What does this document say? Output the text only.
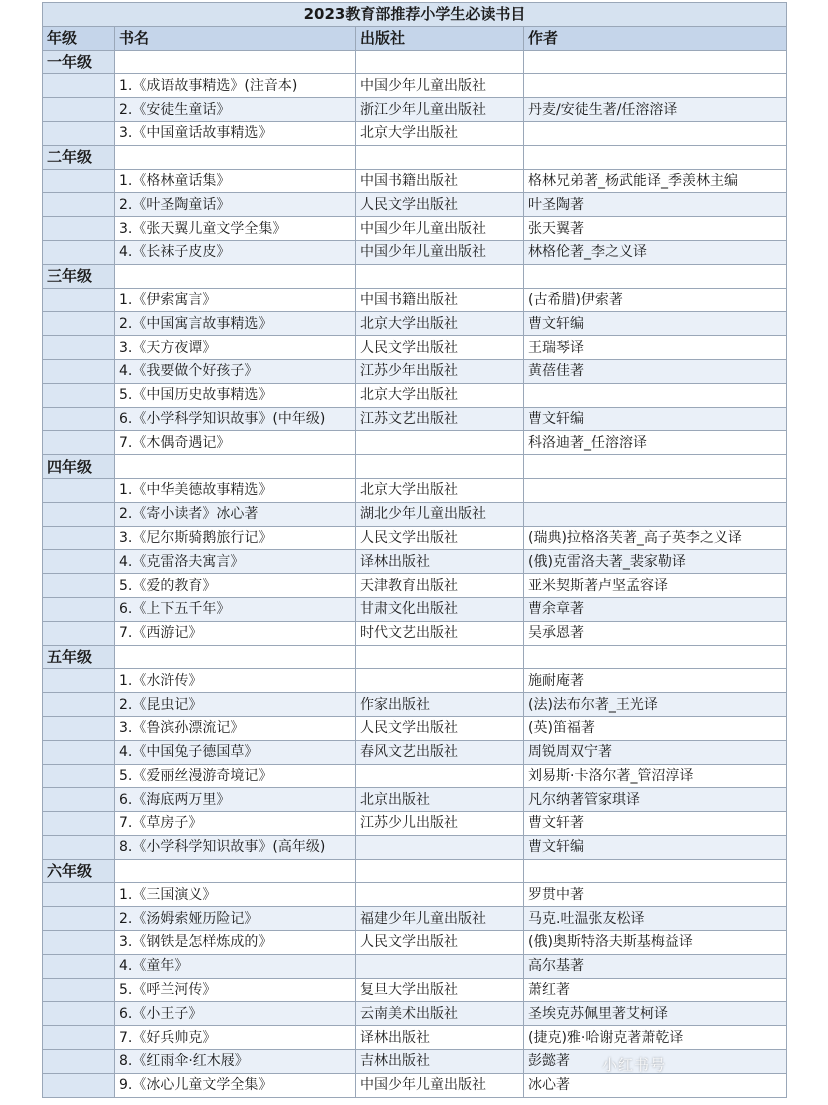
2023教育部推荐小学生必读书目			
年级	书名	出版社	作者
一年级			
	1.《成语故事精选》(注音本)	中国少年儿童出版社	
	2.《安徒生童话》	浙江少年儿童出版社	丹麦/安徒生著/任溶溶译
	3.《中国童话故事精选》	北京大学出版社	
二年级			
	1.《格林童话集》	中国书籍出版社	格林兄弟著_杨武能译_季羡林主编
	2.《叶圣陶童话》	人民文学出版社	叶圣陶著
	3.《张天翼儿童文学全集》	中国少年儿童出版社	张天翼著
	4.《长袜子皮皮》	中国少年儿童出版社	林格伦著_李之义译
三年级			
	1.《伊索寓言》	中国书籍出版社	(古希腊)伊索著
	2.《中国寓言故事精选》	北京大学出版社	曹文轩编
	3.《天方夜谭》	人民文学出版社	王瑞琴译
	4.《我要做个好孩子》	江苏少年出版社	黄蓓佳著
	5.《中国历史故事精选》	北京大学出版社	
	6.《小学科学知识故事》(中年级)	江苏文艺出版社	曹文轩编
	7.《木偶奇遇记》		科洛迪著_任溶溶译
四年级			
	1.《中华美德故事精选》	北京大学出版社	
	2.《寄小读者》冰心著	湖北少年儿童出版社	
	3.《尼尔斯骑鹅旅行记》	人民文学出版社	(瑞典)拉格洛芙著_高子英李之义译
	4.《克雷洛夫寓言》	译林出版社	(俄)克雷洛夫著_裴家勒译
	5.《爱的教育》	天津教育出版社	亚米契斯著卢坚孟容译
	6.《上下五千年》	甘肃文化出版社	曹余章著
	7.《西游记》	时代文艺出版社	吴承恩著
五年级			
	1.《水浒传》		施耐庵著
	2.《昆虫记》	作家出版社	(法)法布尔著_王光译
	3.《鲁滨孙漂流记》	人民文学出版社	(英)笛福著
	4.《中国兔子德国草》	春风文艺出版社	周锐周双宁著
	5.《爱丽丝漫游奇境记》		刘易斯·卡洛尔著_管沼淳译
	6.《海底两万里》	北京出版社	凡尔纳著管家琪译
	7.《草房子》	江苏少儿出版社	曹文轩著
	8.《小学科学知识故事》(高年级)		曹文轩编
六年级			
	1.《三国演义》		罗贯中著
	2.《汤姆索娅历险记》	福建少年儿童出版社	马克.吐温张友松译
	3.《钢铁是怎样炼成的》	人民文学出版社	(俄)奥斯特洛夫斯基梅益译
	4.《童年》		高尔基著
	5.《呼兰河传》	复旦大学出版社	萧红著
	6.《小王子》	云南美术出版社	圣埃克苏佩里著艾柯译
	7.《好兵帅克》	译林出版社	(捷克)雅·哈谢克著萧乾译
	8.《红雨伞·红木屐》	吉林出版社	彭懿著
	9.《冰心儿童文学全集》	中国少年儿童出版社	冰心著
小红书号
